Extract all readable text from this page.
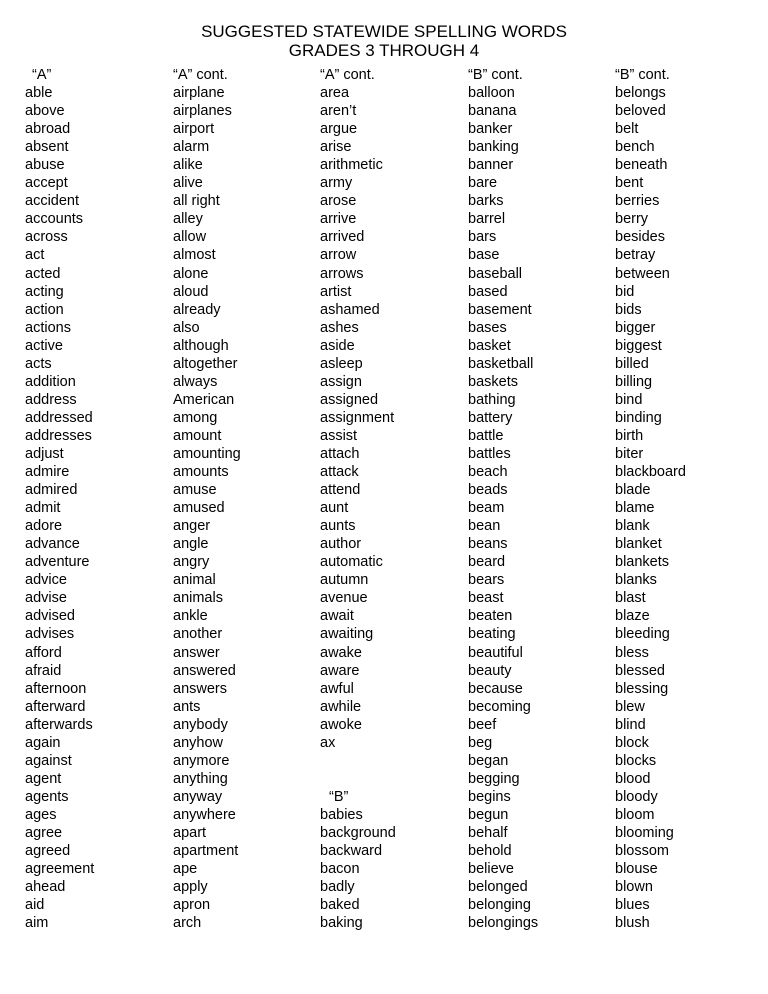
SUGGESTED STATEWIDE SPELLING WORDS
GRADES 3 THROUGH 4
“A”
able
above
abroad
absent
abuse
accept
accident
accounts
across
act
acted
acting
action
actions
active
acts
addition
address
addressed
addresses
adjust
admire
admired
admit
adore
advance
adventure
advice
advise
advised
advises
afford
afraid
afternoon
afterward
afterwards
again
against
agent
agents
ages
agree
agreed
agreement
ahead
aid
aim
“A” cont.
airplane
airplanes
airport
alarm
alike
alive
all right
alley
allow
almost
alone
aloud
already
also
although
altogether
always
American
among
amount
amounting
amounts
amuse
amused
anger
angle
angry
animal
animals
ankle
another
answer
answered
answers
ants
anybody
anyhow
anymore
anything
anyway
anywhere
apart
apartment
ape
apply
apron
arch
“A” cont.
area
aren’t
argue
arise
arithmetic
army
arose
arrive
arrived
arrow
arrows
artist
ashamed
ashes
aside
asleep
assign
assigned
assignment
assist
attach
attack
attend
aunt
aunts
author
automatic
autumn
avenue
await
awaiting
awake
aware
awful
awhile
awoke
ax
“B”
babies
background
backward
bacon
badly
baked
baking
“B” cont.
balloon
banana
banker
banking
banner
bare
barks
barrel
bars
base
baseball
based
basement
bases
basket
basketball
baskets
bathing
battery
battle
battles
beach
beads
beam
bean
beans
beard
bears
beast
beaten
beating
beautiful
beauty
because
becoming
beef
beg
began
begging
begins
begun
behalf
behold
believe
belonged
belonging
belongings
“B” cont.
belongs
beloved
belt
bench
beneath
bent
berries
berry
besides
betray
between
bid
bids
bigger
biggest
billed
billing
bind
binding
birth
biter
blackboard
blade
blame
blank
blanket
blankets
blanks
blast
blaze
bleeding
bless
blessed
blessing
blew
blind
block
blocks
blood
bloody
bloom
blooming
blossom
blouse
blown
blues
blush
